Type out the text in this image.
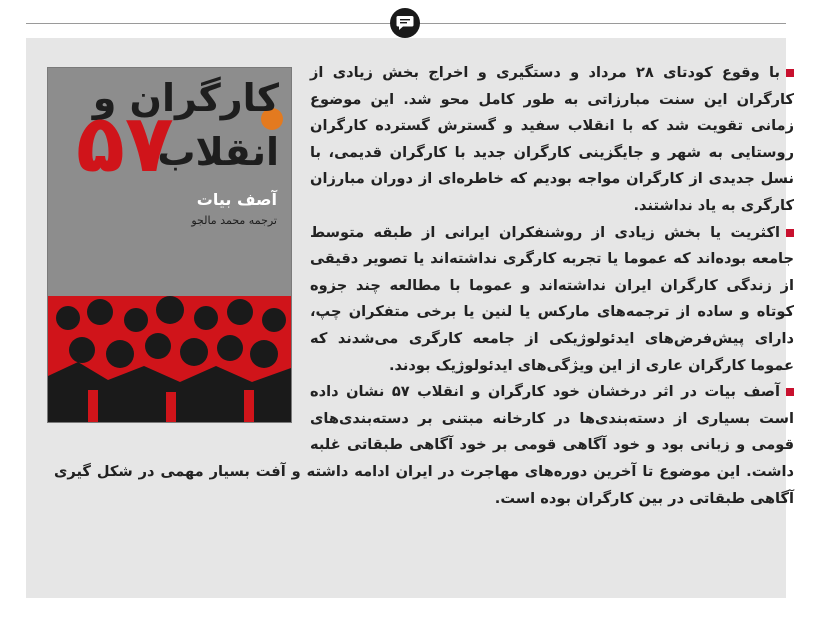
کارگران و
۵۷
انقلاب
آصف بیات
ترجمه محمد مالجو
با وقوع کودتای ۲۸ مرداد و دستگیری و اخراج بخش زیادی از کارگران این سنت مبارزاتی به طور کامل محو شد. این موضوع زمانی تقویت شد که با انقلاب سفید و گسترش گسترده کارگران روستایی به شهر و جایگزینی کارگران جدید با کارگران قدیمی، با نسل جدیدی از کارگران مواجه بودیم که خاطره‌ای از دوران مبارزان کارگری به یاد نداشتند.
اکثریت یا بخش زیادی از روشنفکران ایرانی از طبقه متوسط جامعه بوده‌اند که عموما یا تجربه کارگری نداشته‌اند یا تصویر دقیقی از زندگی کارگران ایران نداشته‌اند و عموما با مطالعه چند جزوه کوتاه و ساده از ترجمه‌های مارکس یا لنین یا برخی متفکران چپ، دارای پیش‌فرض‌های ایدئولوژیکی از جامعه کارگری می‌شدند که عموما کارگران عاری از این ویژگی‌های ایدئولوژیک بودند.
آصف بیات در اثر درخشان خود کارگران و انقلاب ۵۷ نشان داده است بسیاری از دسته‌بندی‌ها در کارخانه مبتنی بر دسته‌بندی‌های قومی و زبانی بود و خود آگاهی قومی بر خود آگاهی طبقاتی غلبه داشت. این موضوع تا آخرین دوره‌های مهاجرت در ایران ادامه داشته و آفت بسیار مهمی در شکل گیری آگاهی طبقاتی در بین کارگران بوده است.
